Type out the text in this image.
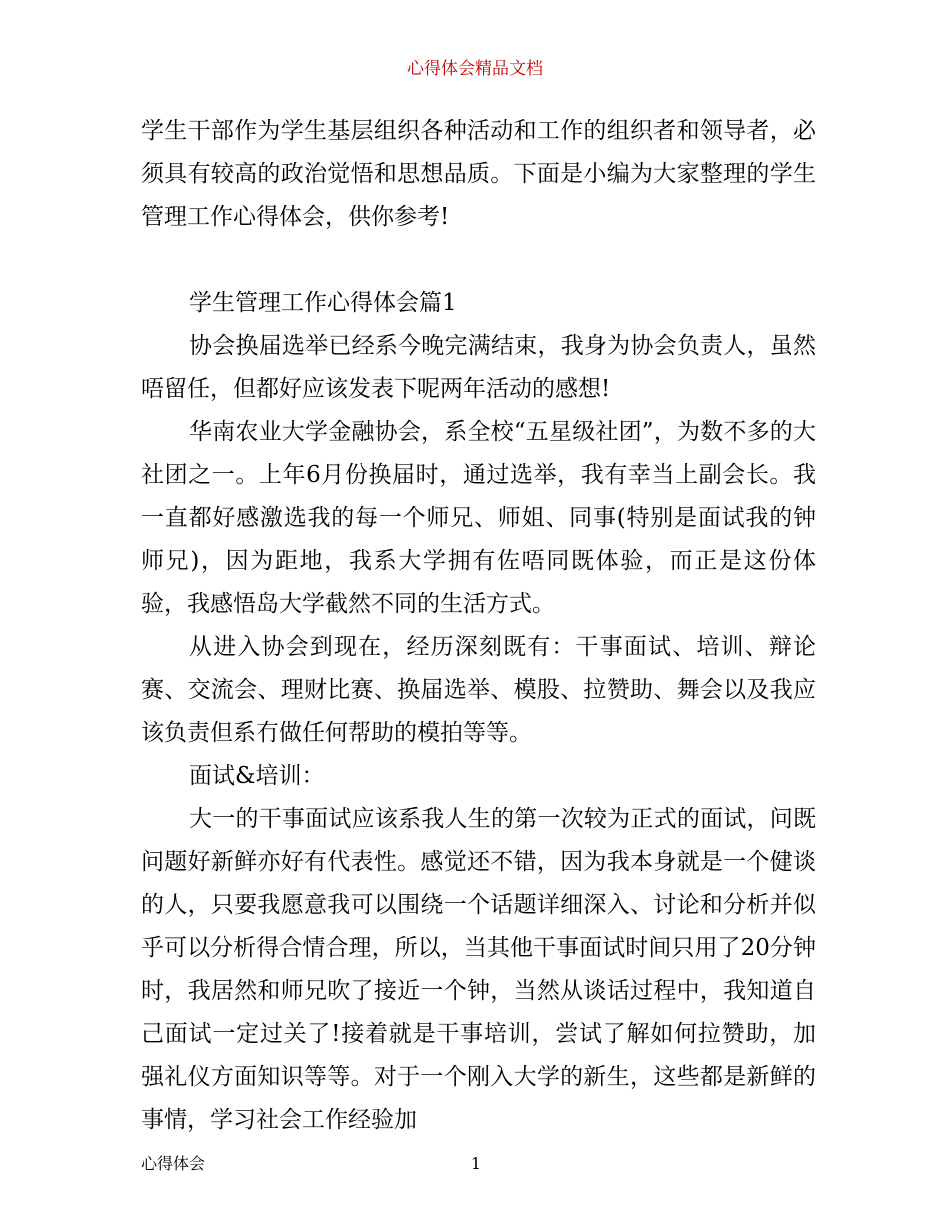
心得体会精品文档

学生干部作为学生基层组织各种活动和工作的组织者和领导者，必须具有较高的政治觉悟和思想品质。下面是小编为大家整理的学生管理工作心得体会，供你参考!

学生管理工作心得体会篇1

协会换届选举已经系今晚完满结束，我身为协会负责人，虽然唔留任，但都好应该发表下呢两年活动的感想!

华南农业大学金融协会，系全校“五星级社团”，为数不多的大社团之一。上年6月份换届时，通过选举，我有幸当上副会长。我一直都好感激选我的每一个师兄、师姐、同事(特别是面试我的钟师兄)，因为距地，我系大学拥有佐唔同既体验，而正是这份体验，我感悟岛大学截然不同的生活方式。

从进入协会到现在，经历深刻既有：干事面试、培训、辩论赛、交流会、理财比赛、换届选举、模股、拉赞助、舞会以及我应该负责但系冇做任何帮助的模拍等等。

面试&培训：

大一的干事面试应该系我人生的第一次较为正式的面试，问既问题好新鲜亦好有代表性。感觉还不错，因为我本身就是一个健谈的人，只要我愿意我可以围绕一个话题详细深入、讨论和分析并似乎可以分析得合情合理，所以，当其他干事面试时间只用了20分钟时，我居然和师兄吹了接近一个钟，当然从谈话过程中，我知道自己面试一定过关了!接着就是干事培训，尝试了解如何拉赞助，加强礼仪方面知识等等。对于一个刚入大学的新生，这些都是新鲜的事情，学习社会工作经验加

心得体会	1
